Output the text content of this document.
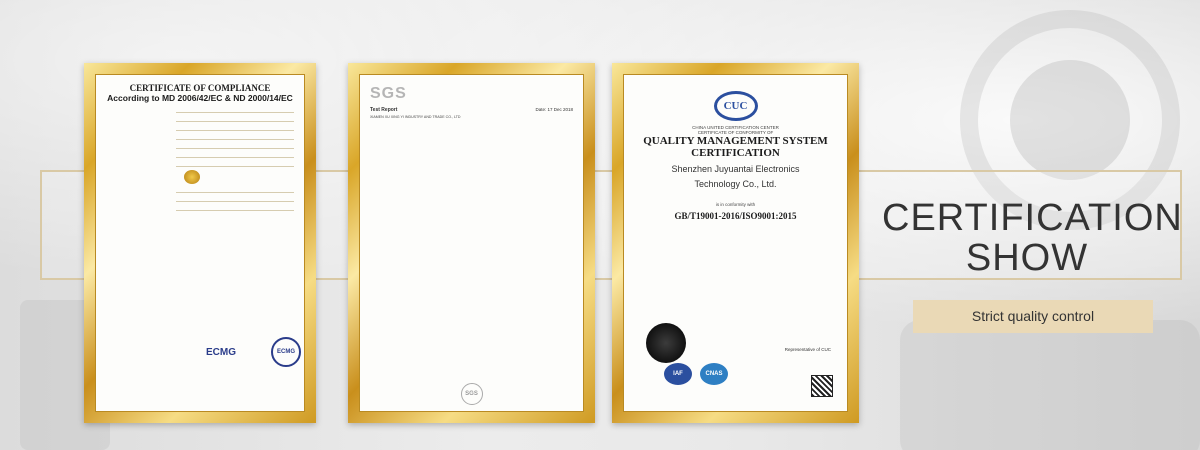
CERTIFICATE OF COMPLIANCE
According to MD 2006/42/EC & ND 2000/14/EC

ECMG	ECMG
SGS
Test Report	Date: 17 Dec 2018
XIAMEN XU XING YI INDUSTRY AND TRADE CO., LTD

SGS
CUC
CHINA UNITED CERTIFICATION CENTER
CERTIFICATE OF CONFORMITY OF
QUALITY MANAGEMENT SYSTEM
CERTIFICATION
Shenzhen Juyuantai Electronics
Technology Co., Ltd.

is in conformity with
GB/T19001-2016/ISO9001:2015

Representative of CUC
IAF	CNAS
CERTIFICATION
SHOW
Strict quality control
